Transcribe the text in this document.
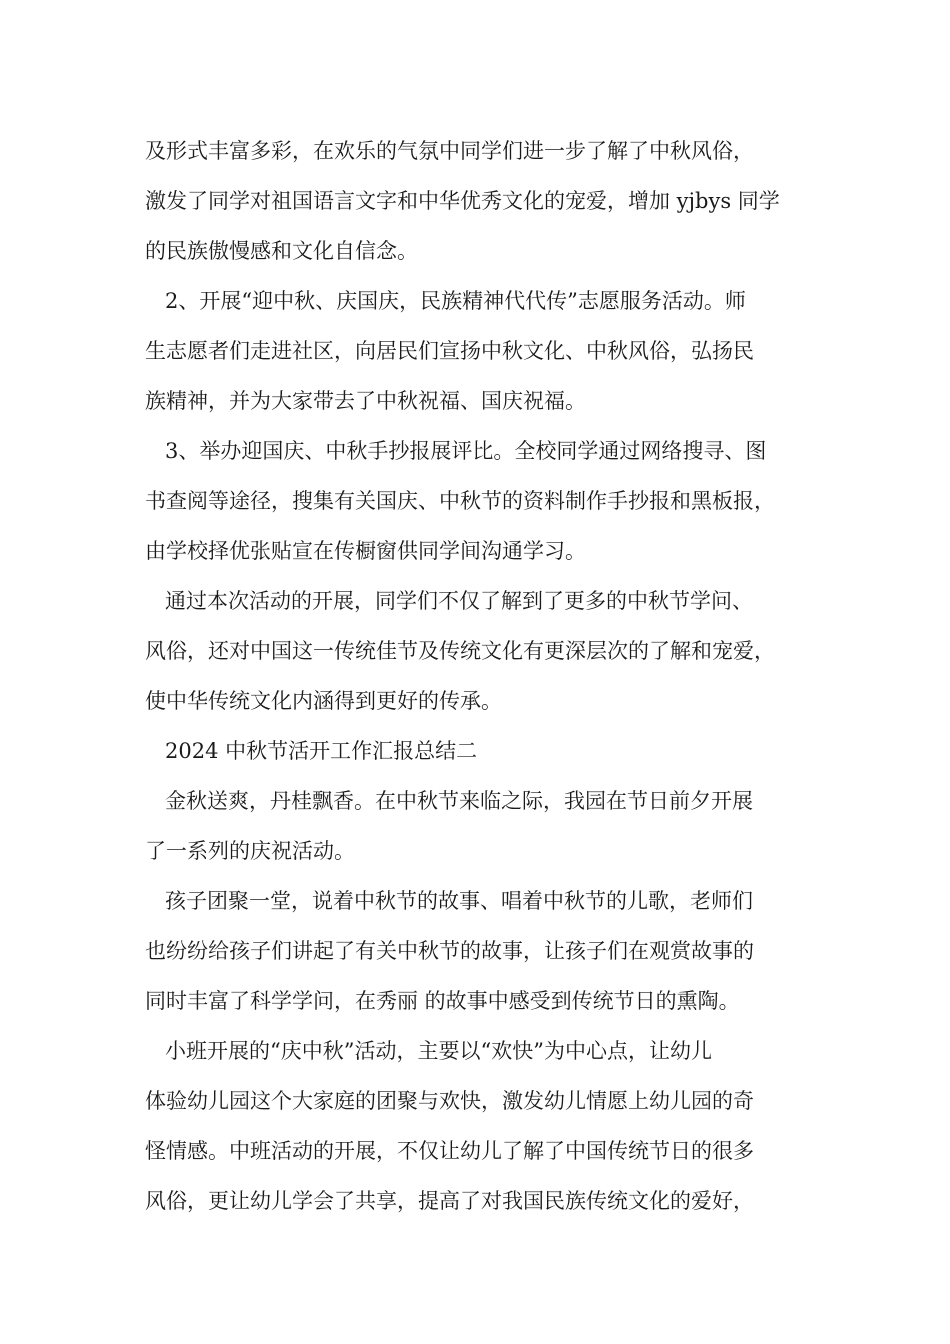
及形式丰富多彩，在欢乐的气氛中同学们进一步了解了中秋风俗，
激发了同学对祖国语言文字和中华优秀文化的宠爱，增加 yjbys 同学
的民族傲慢感和文化自信念。
2、开展“迎中秋、庆国庆，民族精神代代传”志愿服务活动。师
生志愿者们走进社区，向居民们宣扬中秋文化、中秋风俗，弘扬民
族精神，并为大家带去了中秋祝福、国庆祝福。
3、举办迎国庆、中秋手抄报展评比。全校同学通过网络搜寻、图
书查阅等途径，搜集有关国庆、中秋节的资料制作手抄报和黑板报，
由学校择优张贴宣在传橱窗供同学间沟通学习。
通过本次活动的开展，同学们不仅了解到了更多的中秋节学问、
风俗，还对中国这一传统佳节及传统文化有更深层次的了解和宠爱，
使中华传统文化内涵得到更好的传承。
2024 中秋节活开工作汇报总结二
金秋送爽，丹桂飘香。在中秋节来临之际，我园在节日前夕开展
了一系列的庆祝活动。
孩子团聚一堂，说着中秋节的故事、唱着中秋节的儿歌，老师们
也纷纷给孩子们讲起了有关中秋节的故事，让孩子们在观赏故事的
同时丰富了科学学问，在秀丽 的故事中感受到传统节日的熏陶。
小班开展的“庆中秋”活动，主要以“欢快”为中心点，让幼儿
体验幼儿园这个大家庭的团聚与欢快，激发幼儿情愿上幼儿园的奇
怪情感。中班活动的开展，不仅让幼儿了解了中国传统节日的很多
风俗，更让幼儿学会了共享，提高了对我国民族传统文化的爱好，
